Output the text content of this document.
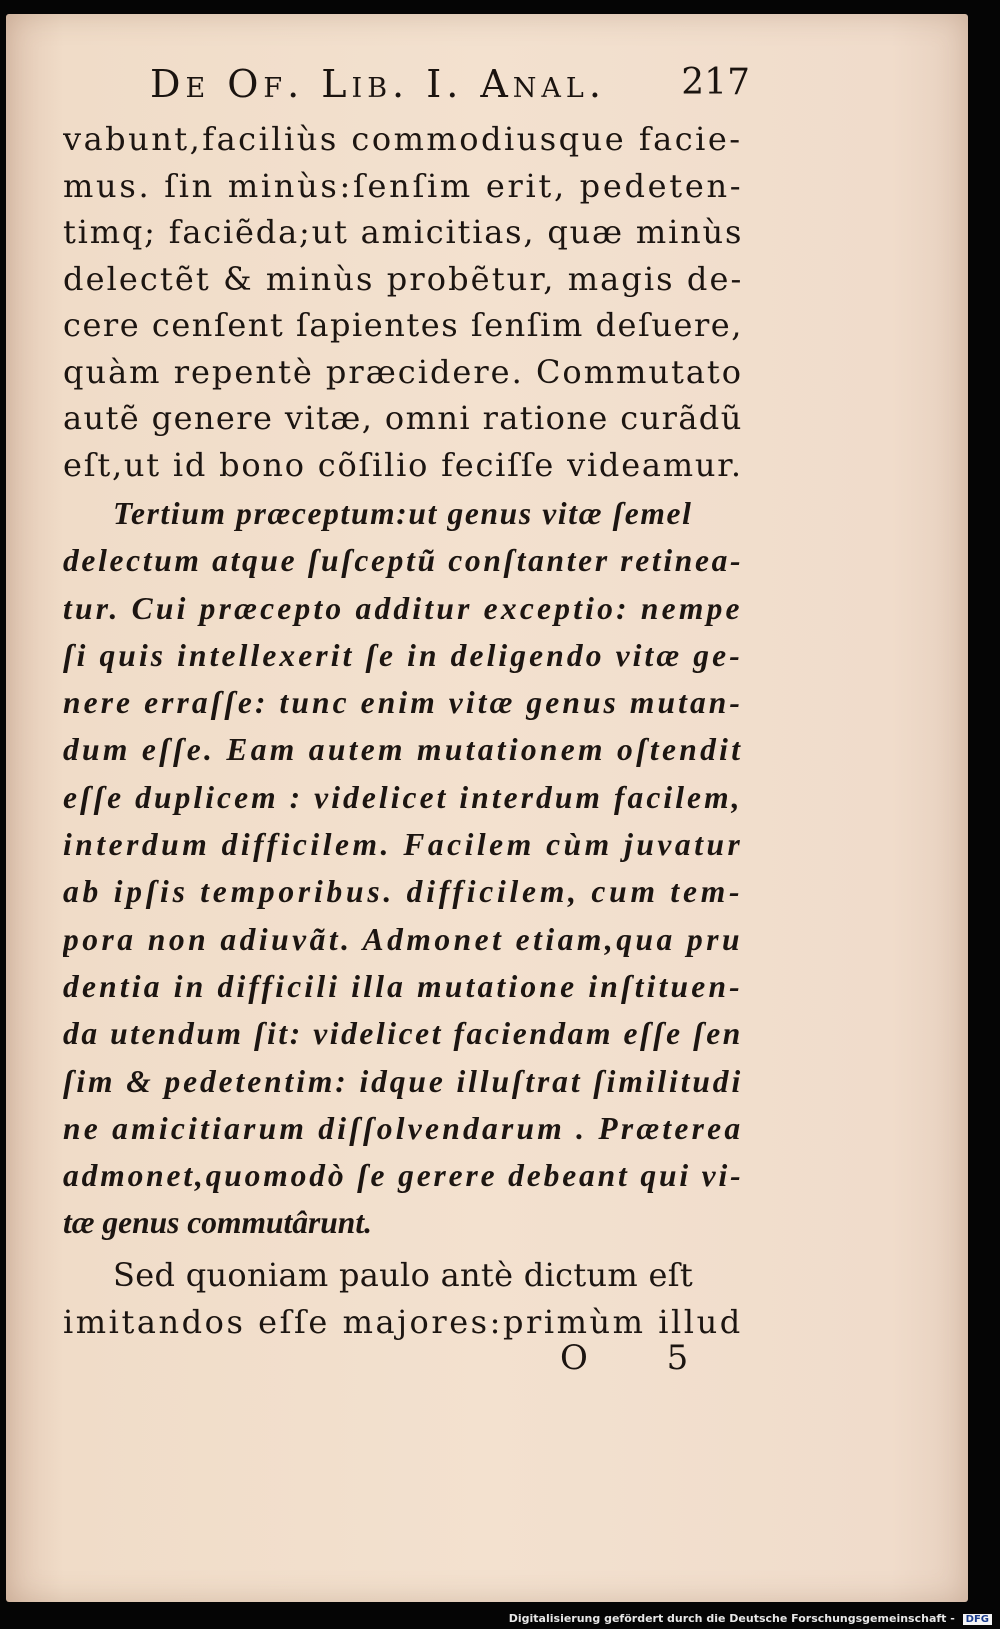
De Of. Lib. I. Anal. 217
vabunt,faciliùs commodiusque facie-
mus. ſin minùs:ſenſim erit, pedeten-
timq; faciẽda;ut amicitias, quæ minùs
delectẽt & minùs probẽtur, magis de-
cere cenſent ſapientes ſenſim deſuere,
quàm repentè præcidere. Commutato
autẽ genere vitæ, omni ratione curãdũ
eſt,ut id bono cõſilio feciſſe videamur.
Tertium præceptum:ut genus vitæ ſemel
delectum atque ſuſceptũ conſtanter retinea-
tur. Cui præcepto additur exceptio: nempe
ſi quis intellexerit ſe in deligendo vitæ ge-
nere erraſſe: tunc enim vitæ genus mutan-
dum eſſe. Eam autem mutationem oſtendit
eſſe duplicem : videlicet interdum facilem,
interdum difficilem. Facilem cùm juvatur
ab ipſis temporibus. difficilem, cum tem-
pora non adiuvãt. Admonet etiam,qua pru
dentia in difficili illa mutatione inſtituen-
da utendum ſit: videlicet faciendam eſſe ſen
ſim & pedetentim: idque illuſtrat ſimilitudi
ne amicitiarum diſſolvendarum . Præterea
admonet,quomodò ſe gerere debeant qui vi-
tæ genus commutârunt.
Sed quoniam paulo antè dictum eſt
imitandos eſſe majores:primùm illud
O 5
Digitalisierung gefördert durch die Deutsche Forschungsgemeinschaft - DFG
